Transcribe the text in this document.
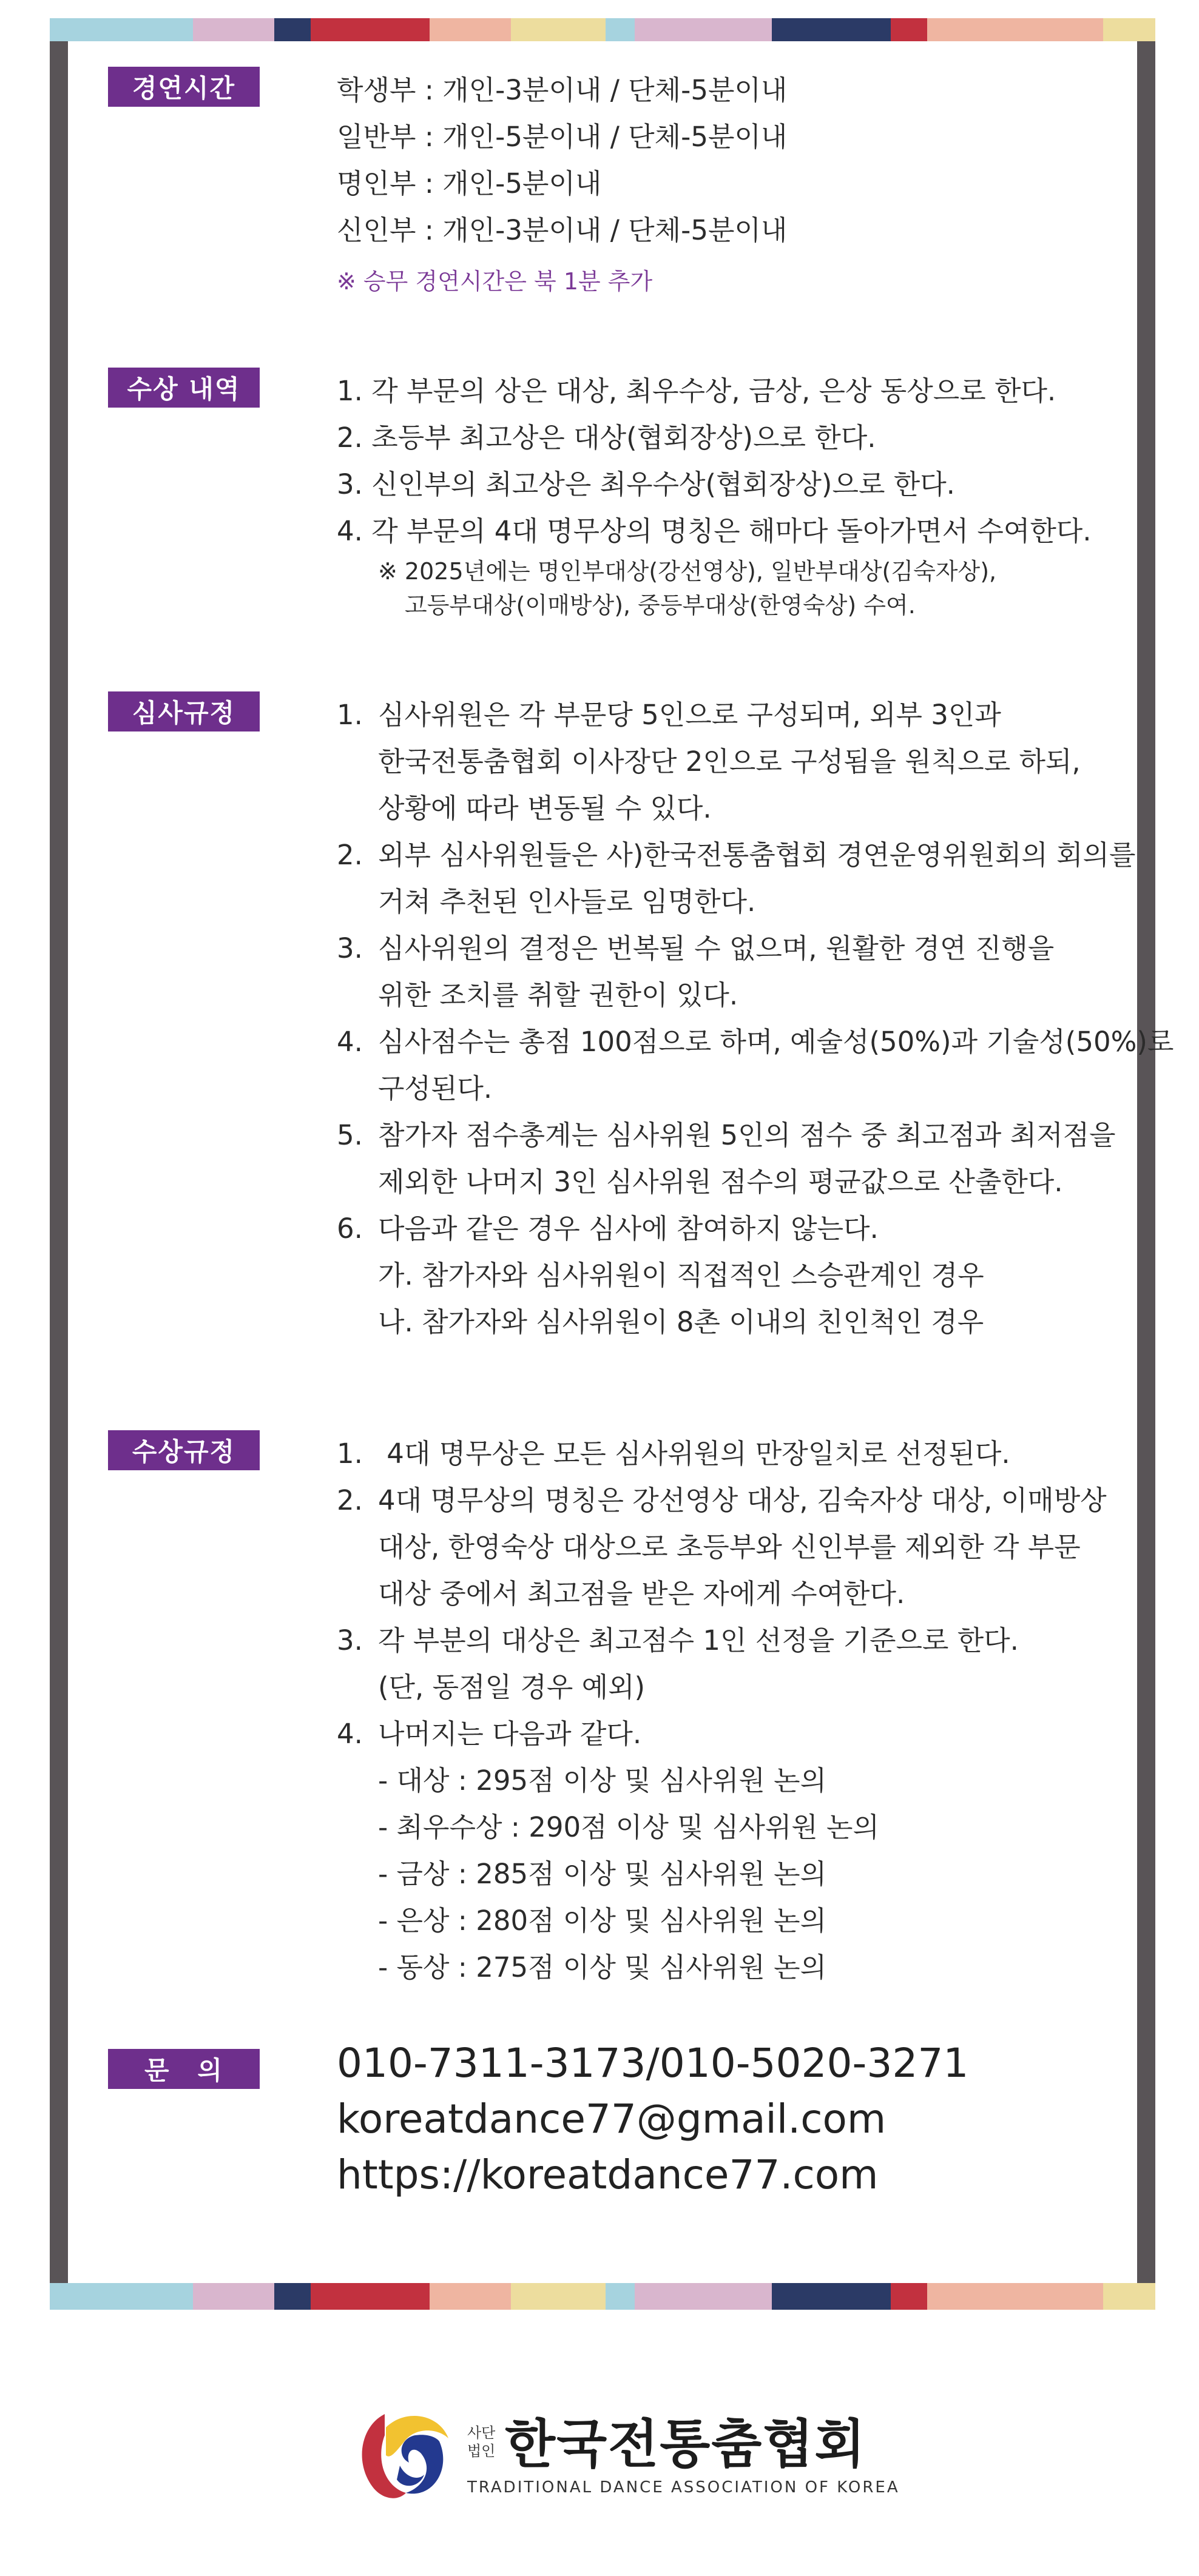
경연시간	학생부 : 개인-3분이내 / 단체-5분이내
일반부 : 개인-5분이내 / 단체-5분이내
명인부 : 개인-5분이내
신인부 : 개인-3분이내 / 단체-5분이내
※ 승무 경연시간은 북 1분 추가
수상 내역	1. 각 부문의 상은 대상, 최우수상, 금상, 은상 동상으로 한다.
2. 초등부 최고상은 대상(협회장상)으로 한다.
3. 신인부의 최고상은 최우수상(협회장상)으로 한다.
4. 각 부문의 4대 명무상의 명칭은 해마다 돌아가면서 수여한다.
※ 2025년에는 명인부대상(강선영상), 일반부대상(김숙자상),
고등부대상(이매방상), 중등부대상(한영숙상) 수여.
심사규정	1. 심사위원은 각 부문당 5인으로 구성되며, 외부 3인과
한국전통춤협회 이사장단 2인으로 구성됨을 원칙으로 하되,
상황에 따라 변동될 수 있다.
2. 외부 심사위원들은 사)한국전통춤협회 경연운영위원회의 회의를
거쳐 추천된 인사들로 임명한다.
3. 심사위원의 결정은 번복될 수 없으며, 원활한 경연 진행을
위한 조치를 취할 권한이 있다.
4. 심사점수는 총점 100점으로 하며, 예술성(50%)과 기술성(50%)로
구성된다.
5. 참가자 점수총계는 심사위원 5인의 점수 중 최고점과 최저점을
제외한 나머지 3인 심사위원 점수의 평균값으로 산출한다.
6. 다음과 같은 경우 심사에 참여하지 않는다.
가. 참가자와 심사위원이 직접적인 스승관계인 경우
나. 참가자와 심사위원이 8촌 이내의 친인척인 경우
수상규정	1. 4대 명무상은 모든 심사위원의 만장일치로 선정된다.
2. 4대 명무상의 명칭은 강선영상 대상, 김숙자상 대상, 이매방상
대상, 한영숙상 대상으로 초등부와 신인부를 제외한 각 부문
대상 중에서 최고점을 받은 자에게 수여한다.
3. 각 부분의 대상은 최고점수 1인 선정을 기준으로 한다.
(단, 동점일 경우 예외)
4. 나머지는 다음과 같다.
- 대상 : 295점 이상 및 심사위원 논의
- 최우수상 : 290점 이상 및 심사위원 논의
- 금상 : 285점 이상 및 심사위원 논의
- 은상 : 280점 이상 및 심사위원 논의
- 동상 : 275점 이상 및 심사위원 논의
문 의	010-7311-3173/010-5020-3271
koreatdance77@gmail.com
https://koreatdance77.com
사단
법인 한국전통춤협회
TRADITIONAL DANCE ASSOCIATION OF KOREA
